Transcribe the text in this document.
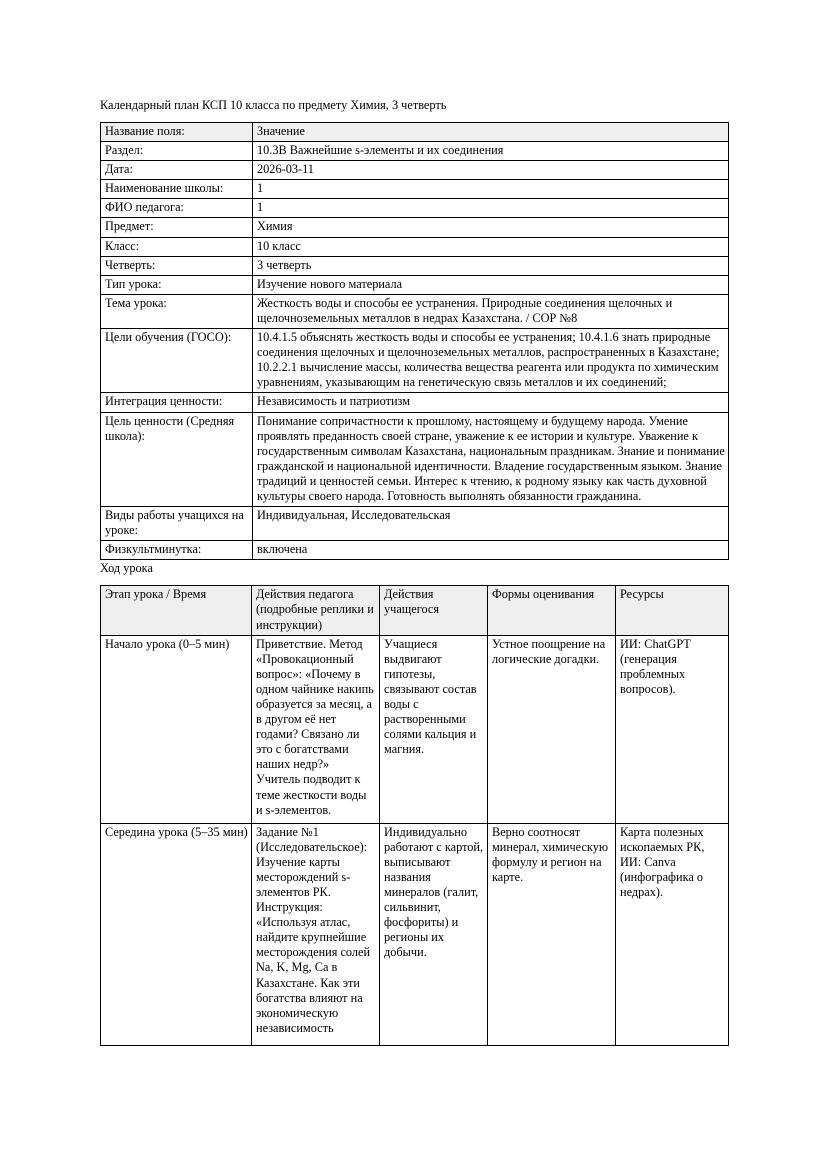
Календарный план КСП 10 класса по предмету Химия, 3 четверть
Название поля:	Значение
Раздел:	10.3В Важнейшие s-элементы и их соединения
Дата:	2026-03-11
Наименование школы:	1
ФИО педагога:	1
Предмет:	Химия
Класс:	10 класс
Четверть:	3 четверть
Тип урока:	Изучение нового материала
Тема урока:	Жесткость воды и способы ее устранения. Природные соединения щелочных и щелочноземельных металлов в недрах Казахстана. / СОР №8
Цели обучения (ГОСО):	10.4.1.5 объяснять жесткость воды и способы ее устранения; 10.4.1.6 знать природные соединения щелочных и щелочноземельных металлов, распространенных в Казахстане; 10.2.2.1 вычисление массы, количества вещества реагента или продукта по химическим уравнениям, указывающим на генетическую связь металлов и их соединений;
Интеграция ценности:	Независимость и патриотизм
Цель ценности (Средняя школа):	Понимание сопричастности к прошлому, настоящему и будущему народа. Умение проявлять преданность своей стране, уважение к ее истории и культуре. Уважение к государственным символам Казахстана, национальным праздникам. Знание и понимание гражданской и национальной идентичности. Владение государственным языком. Знание традиций и ценностей семьи. Интерес к чтению, к родному языку как часть духовной культуры своего народа. Готовность выполнять обязанности гражданина.
Виды работы учащихся на уроке:	Индивидуальная, Исследовательская
Физкультминутка:	включена
Ход урока
Этап урока / Время	Действия педагога (подробные реплики и инструкции)	Действия учащегося	Формы оценивания	Ресурсы
Начало урока (0–5 мин)	Приветствие. Метод «Провокационный вопрос»: «Почему в одном чайнике накипь образуется за месяц, а в другом её нет годами? Связано ли это с богатствами наших недр?» Учитель подводит к теме жесткости воды и s-элементов.	Учащиеся выдвигают гипотезы, связывают состав воды с растворенными солями кальция и магния.	Устное поощрение на логические догадки.	ИИ: ChatGPT (генерация проблемных вопросов).
Середина урока (5–35 мин)	Задание №1 (Исследовательское): Изучение карты месторождений s-элементов РК. Инструкция: «Используя атлас, найдите крупнейшие месторождения солей Na, K, Mg, Ca в Казахстане. Как эти богатства влияют на экономическую независимость	Индивидуально работают с картой, выписывают названия минералов (галит, сильвинит, фосфориты) и регионы их добычи.	Верно соотносят минерал, химическую формулу и регион на карте.	Карта полезных ископаемых РК, ИИ: Canva (инфографика о недрах).
